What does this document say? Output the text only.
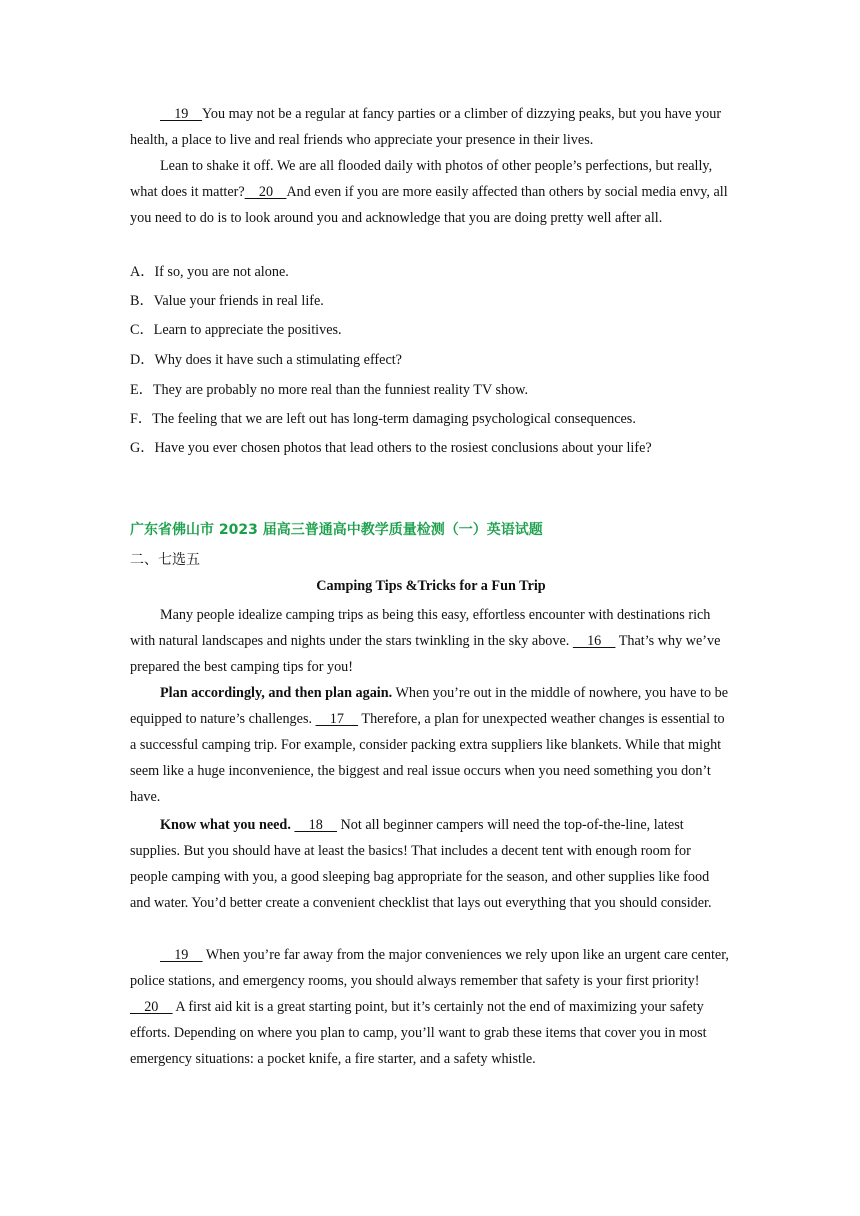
19    You may not be a regular at fancy parties or a climber of dizzying peaks, but you have your health, a place to live and real friends who appreciate your presence in their lives.

Lean to shake it off. We are all flooded daily with photos of other people’s perfections, but really, what does it matter?    20    And even if you are more easily affected than others by social media envy, all you need to do is to look around you and acknowledge that you are doing pretty well after all.

A．If so, you are not alone.

B．Value your friends in real life.

C．Learn to appreciate the positives.

D．Why does it have such a stimulating effect?

E．They are probably no more real than the funniest reality TV show.

F．The feeling that we are left out has long-term damaging psychological consequences.

G．Have you ever chosen photos that lead others to the rosiest conclusions about your life?

广东省佛山市 2023 届高三普通高中教学质量检测（一）英语试题
二、七选五
Camping Tips &Tricks for a Fun Trip

Many people idealize camping trips as being this easy, effortless encounter with destinations rich with natural landscapes and nights under the stars twinkling in the sky above.     16     That’s why we’ve prepared the best camping tips for you!

Plan accordingly, and then plan again. When you’re out in the middle of nowhere, you have to be equipped to nature’s challenges.     17     Therefore, a plan for unexpected weather changes is essential to a successful camping trip. For example, consider packing extra suppliers like blankets. While that might seem like a huge inconvenience, the biggest and real issue occurs when you need something you don’t have.

Know what you need.     18     Not all beginner campers will need the top-of-the-line, latest supplies. But you should have at least the basics! That includes a decent tent with enough room for people camping with you, a good sleeping bag appropriate for the season, and other supplies like food and water. You’d better create a convenient checklist that lays out everything that you should consider.

19     When you’re far away from the major conveniences we rely upon like an urgent care center, police stations, and emergency rooms, you should always remember that safety is your first priority!     20     A first aid kit is a great starting point, but it’s certainly not the end of maximizing your safety efforts. Depending on where you plan to camp, you’ll want to grab these items that cover you in most emergency situations: a pocket knife, a fire starter, and a safety whistle.
